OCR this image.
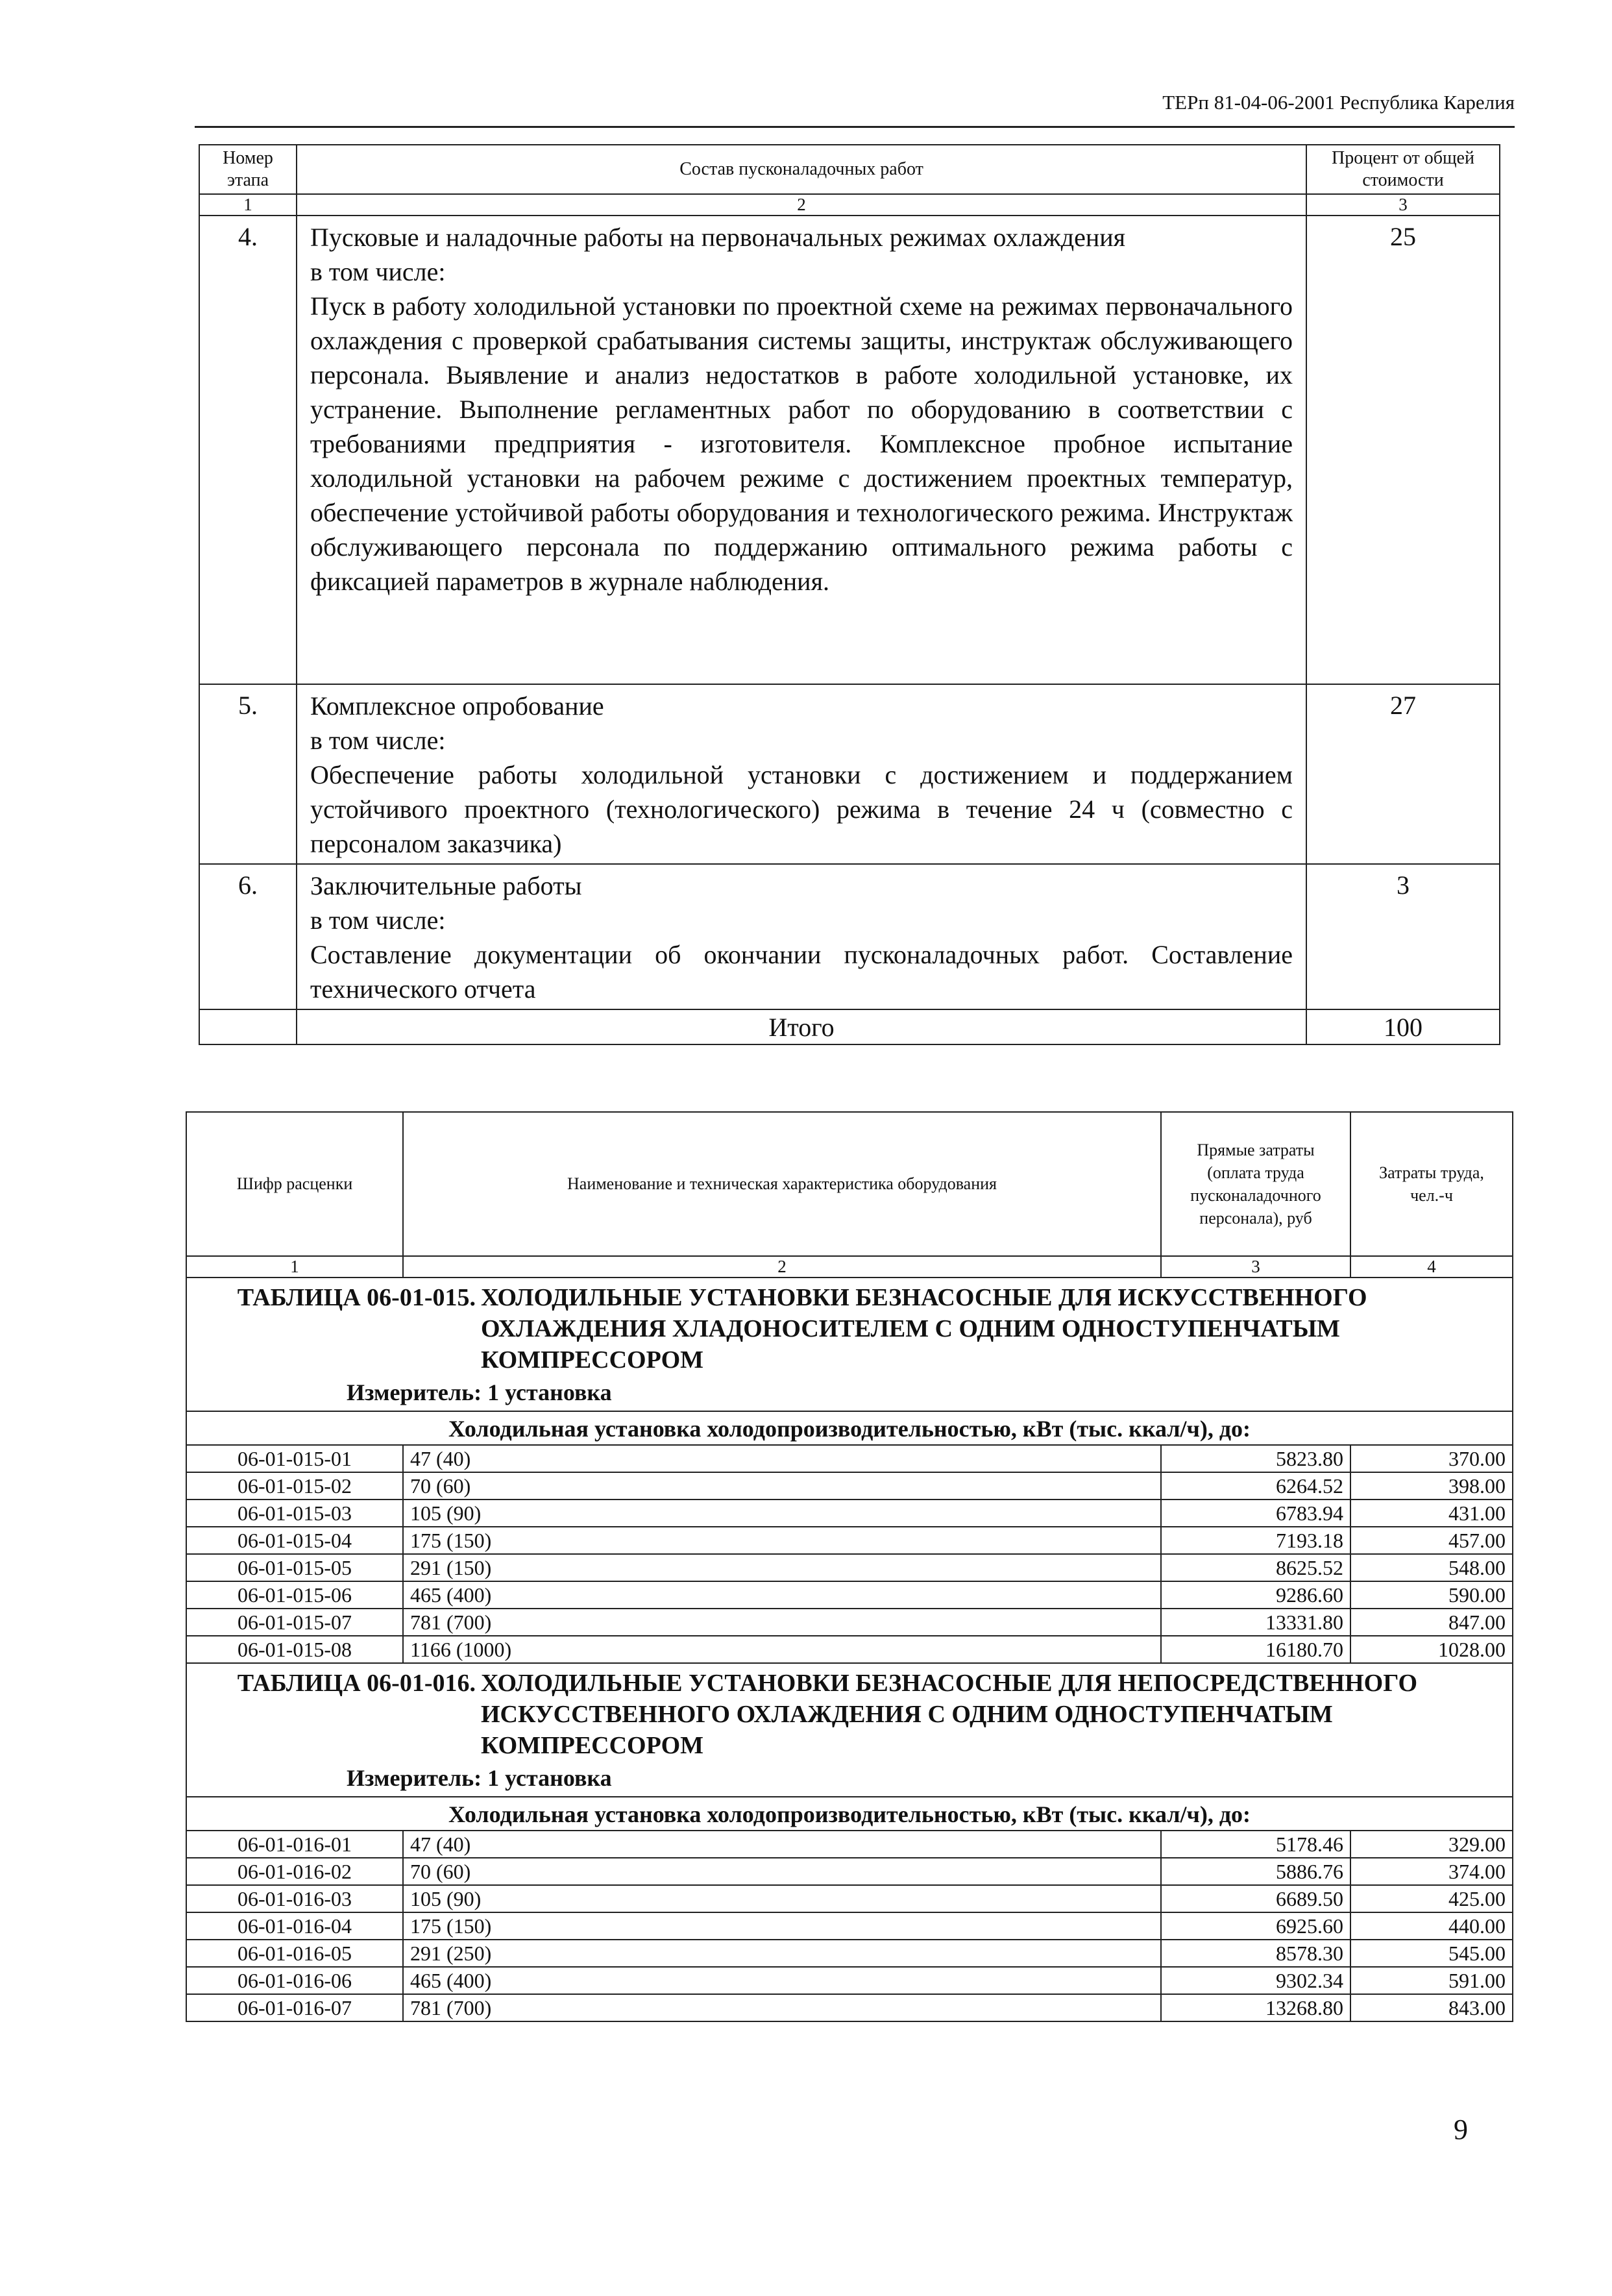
ТЕРп 81-04-06-2001 Республика Карелия
Номер этапа	Состав пусконаладочных работ	Процент от общей стоимости
1	2	3
4.	Пусковые и наладочные работы на первоначальных режимах охлаждения
в том числе:
Пуск в работу холодильной установки по проектной схеме на режимах первоначального охлаждения с проверкой срабатывания системы защиты, инструктаж обслуживающего персонала. Выявление и анализ недостатков в работе холодильной установке, их устранение. Выполнение регламентных работ по оборудованию в соответствии с требованиями предприятия - изготовителя. Комплексное пробное испытание холодильной установки на рабочем режиме с достижением проектных температур, обеспечение устойчивой работы оборудования и технологического режима. Инструктаж обслуживающего персонала по поддержанию оптимального режима работы с фиксацией параметров в журнале наблюдения.	25
5.	Комплексное опробование
в том числе:
Обеспечение работы холодильной установки с достижением и поддержанием устойчивого проектного (технологического) режима в течение 24 ч (совместно с персоналом заказчика)	27
6.	Заключительные работы
в том числе:
Составление документации об окончании пусконаладочных работ. Составление технического отчета	3
	Итого	100
Шифр расценки	Наименование и техническая характеристика оборудования	Прямые затраты (оплата труда пусконаладочного персонала), руб	Затраты труда, чел.-ч
1	2	3	4
ТАБЛИЦА 06-01-015. ХОЛОДИЛЬНЫЕ УСТАНОВКИ БЕЗНАСОСНЫЕ ДЛЯ ИСКУССТВЕННОГО ОХЛАЖДЕНИЯ ХЛАДОНОСИТЕЛЕМ С ОДНИМ ОДНОСТУПЕНЧАТЫМ КОМПРЕССОРОМ
Измеритель: 1 установка			

Холодильная установка холодопроизводительностью, кВт (тыс. ккал/ч), до:			
06-01-015-01	47 (40)	5823.80	370.00
06-01-015-02	70 (60)	6264.52	398.00
06-01-015-03	105 (90)	6783.94	431.00
06-01-015-04	175 (150)	7193.18	457.00
06-01-015-05	291 (150)	8625.52	548.00
06-01-015-06	465 (400)	9286.60	590.00
06-01-015-07	781 (700)	13331.80	847.00
06-01-015-08	1166 (1000)	16180.70	1028.00
ТАБЛИЦА 06-01-016. ХОЛОДИЛЬНЫЕ УСТАНОВКИ БЕЗНАСОСНЫЕ ДЛЯ НЕПОСРЕДСТВЕННОГО ИСКУССТВЕННОГО ОХЛАЖДЕНИЯ С ОДНИМ ОДНОСТУПЕНЧАТЫМ КОМПРЕССОРОМ
Измеритель: 1 установка			

Холодильная установка холодопроизводительностью, кВт (тыс. ккал/ч), до:			
06-01-016-01	47 (40)	5178.46	329.00
06-01-016-02	70 (60)	5886.76	374.00
06-01-016-03	105 (90)	6689.50	425.00
06-01-016-04	175 (150)	6925.60	440.00
06-01-016-05	291 (250)	8578.30	545.00
06-01-016-06	465 (400)	9302.34	591.00
06-01-016-07	781 (700)	13268.80	843.00
9
